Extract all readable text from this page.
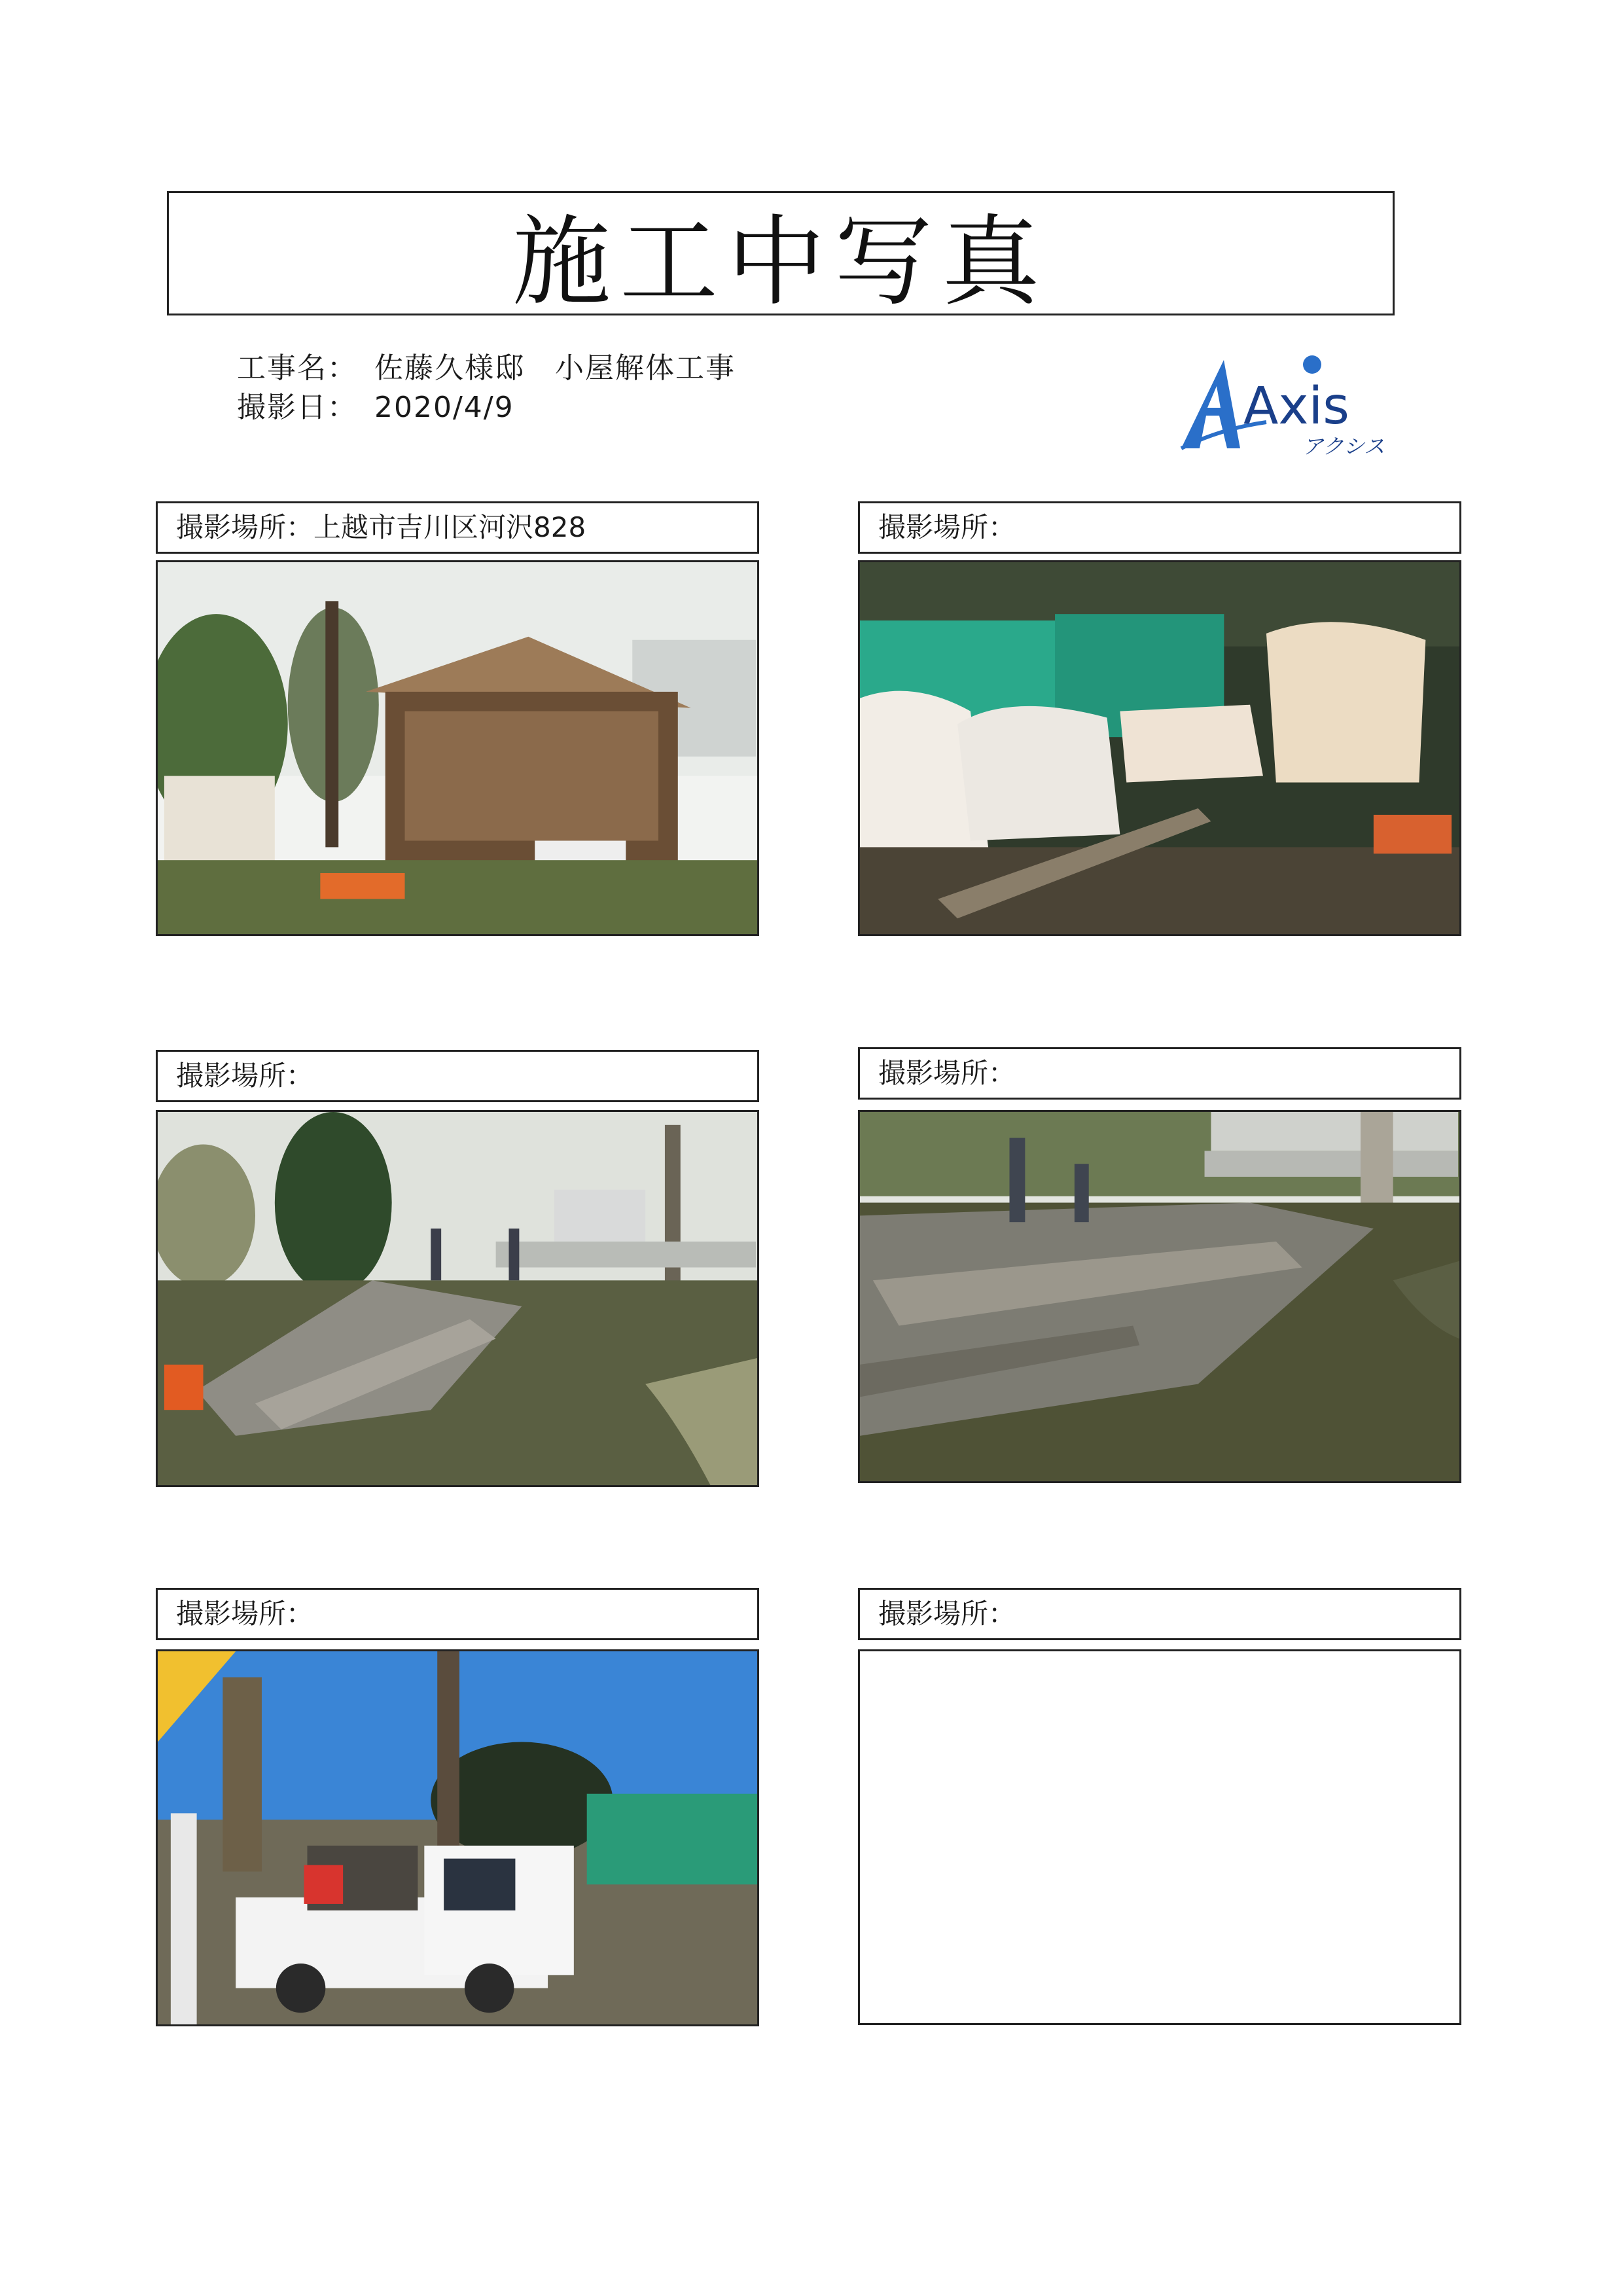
施工中写真
工事名： 佐藤久様邸　小屋解体工事
撮影日： 2020/4/9	Axis
アクシス
撮影場所：上越市吉川区河沢828	撮影場所：
撮影場所：	撮影場所：
撮影場所：	撮影場所：
